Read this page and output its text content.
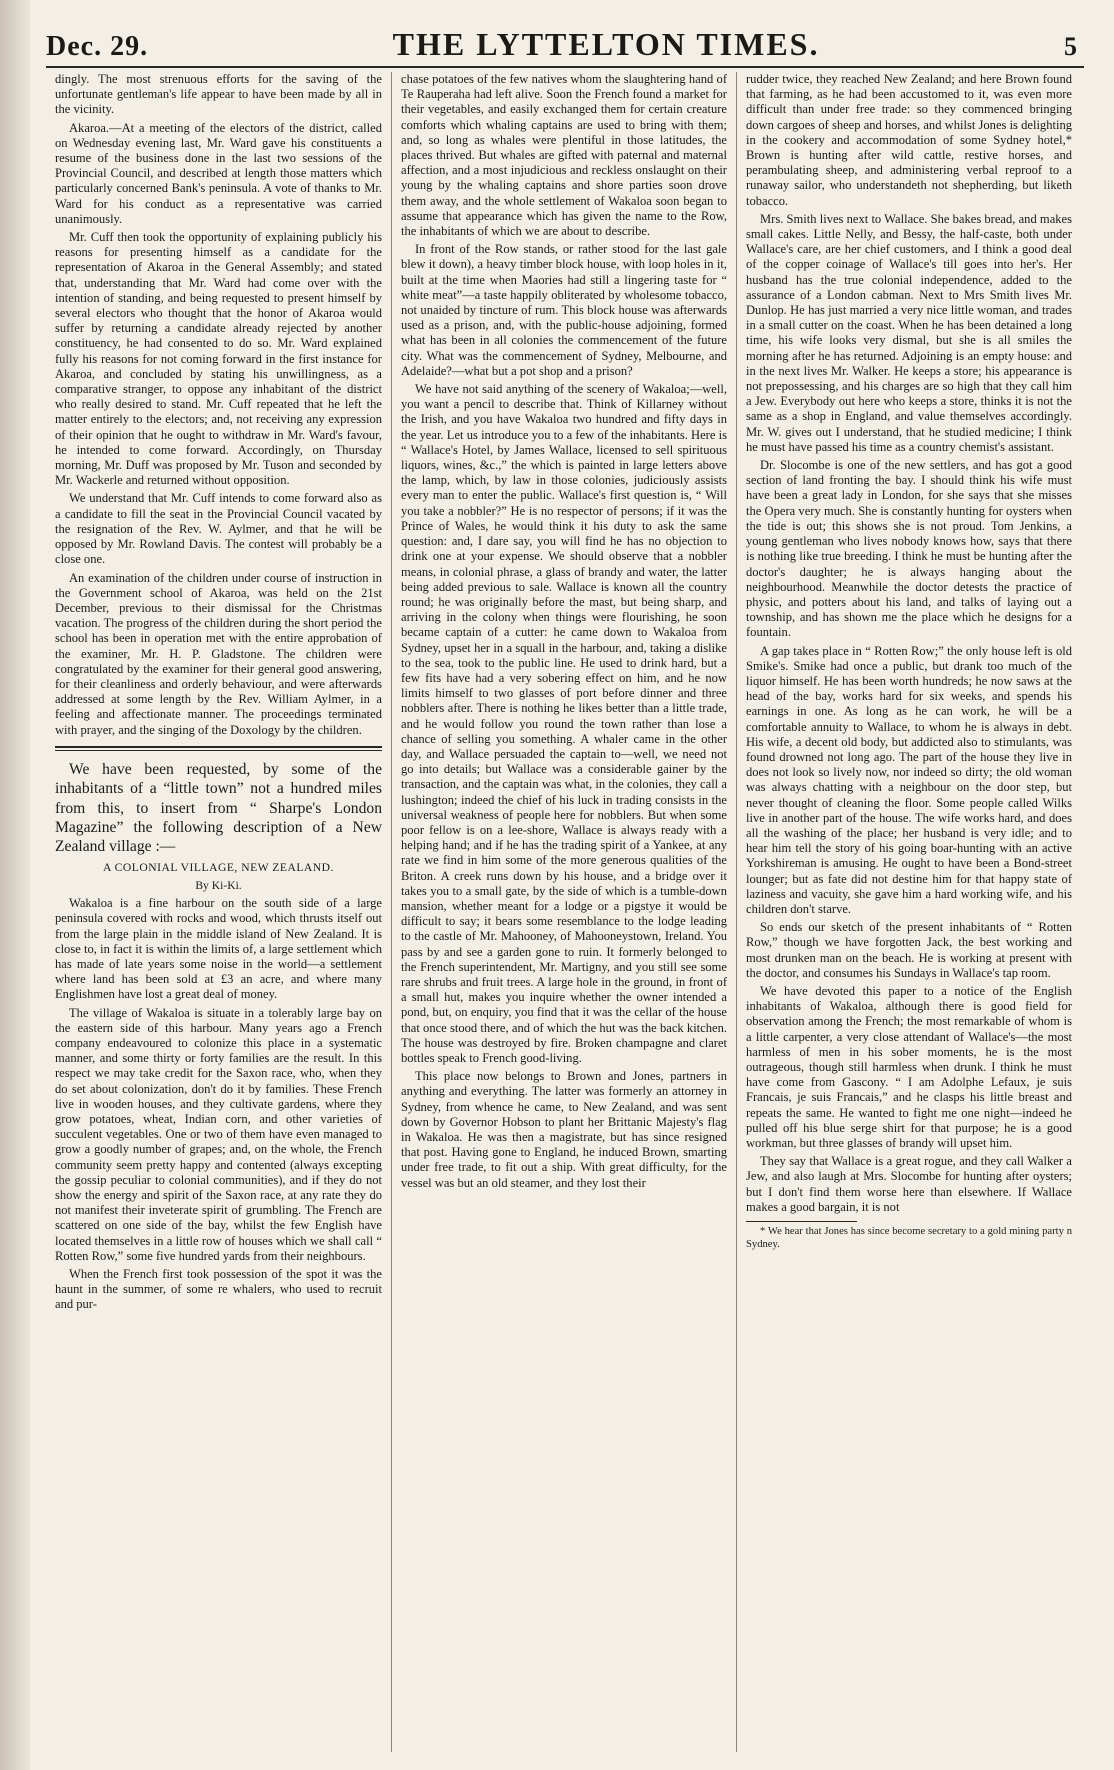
Dec. 29.	THE LYTTELTON TIMES.	5

dingly. The most strenuous efforts for the saving of the unfortunate gentleman's life appear to have been made by all in the vicinity.

Akaroa.—At a meeting of the electors of the district, called on Wednesday evening last, Mr. Ward gave his constituents a resume of the business done in the last two sessions of the Provincial Council, and described at length those matters which particularly concerned Bank's peninsula. A vote of thanks to Mr. Ward for his conduct as a representative was carried unanimously.

Mr. Cuff then took the opportunity of explaining publicly his reasons for presenting himself as a candidate for the representation of Akaroa in the General Assembly; and stated that, understanding that Mr. Ward had come over with the intention of standing, and being requested to present himself by several electors who thought that the honor of Akaroa would suffer by returning a candidate already rejected by another constituency, he had consented to do so. Mr. Ward explained fully his reasons for not coming forward in the first instance for Akaroa, and concluded by stating his unwillingness, as a comparative stranger, to oppose any inhabitant of the district who really desired to stand. Mr. Cuff repeated that he left the matter entirely to the electors; and, not receiving any expression of their opinion that he ought to withdraw in Mr. Ward's favour, he intended to come forward. Accordingly, on Thursday morning, Mr. Duff was proposed by Mr. Tuson and seconded by Mr. Wackerle and returned without opposition.

We understand that Mr. Cuff intends to come forward also as a candidate to fill the seat in the Provincial Council vacated by the resignation of the Rev. W. Aylmer, and that he will be opposed by Mr. Rowland Davis. The contest will probably be a close one.

An examination of the children under course of instruction in the Government school of Akaroa, was held on the 21st December, previous to their dismissal for the Christmas vacation. The progress of the children during the short period the school has been in operation met with the entire approbation of the examiner, Mr. H. P. Gladstone. The children were congratulated by the examiner for their general good answering, for their cleanliness and orderly behaviour, and were afterwards addressed at some length by the Rev. William Aylmer, in a feeling and affectionate manner. The proceedings terminated with prayer, and the singing of the Doxology by the children.

We have been requested, by some of the inhabitants of a “little town” not a hundred miles from this, to insert from “ Sharpe's London Magazine” the following description of a New Zealand village :—

A COLONIAL VILLAGE, NEW ZEALAND.

By Ki-Ki.

Wakaloa is a fine harbour on the south side of a large peninsula covered with rocks and wood, which thrusts itself out from the large plain in the middle island of New Zealand. It is close to, in fact it is within the limits of, a large settlement which has made of late years some noise in the world—a settlement where land has been sold at £3 an acre, and where many Englishmen have lost a great deal of money.

The village of Wakaloa is situate in a tolerably large bay on the eastern side of this harbour. Many years ago a French company endeavoured to colonize this place in a systematic manner, and some thirty or forty families are the result. In this respect we may take credit for the Saxon race, who, when they do set about colonization, don't do it by families. These French live in wooden houses, and they cultivate gardens, where they grow potatoes, wheat, Indian corn, and other varieties of succulent vegetables. One or two of them have even managed to grow a goodly number of grapes; and, on the whole, the French community seem pretty happy and contented (always excepting the gossip peculiar to colonial communities), and if they do not show the energy and spirit of the Saxon race, at any rate they do not manifest their inveterate spirit of grumbling. The French are scattered on one side of the bay, whilst the few English have located themselves in a little row of houses which we shall call “ Rotten Row,” some five hundred yards from their neighbours.

When the French first took possession of the spot it was the haunt in the summer, of some re whalers, who used to recruit and pur-

chase potatoes of the few natives whom the slaughtering hand of Te Rauperaha had left alive. Soon the French found a market for their vegetables, and easily exchanged them for certain creature comforts which whaling captains are used to bring with them; and, so long as whales were plentiful in those latitudes, the places thrived. But whales are gifted with paternal and maternal affection, and a most injudicious and reckless onslaught on their young by the whaling captains and shore parties soon drove them away, and the whole settlement of Wakaloa soon began to assume that appearance which has given the name to the Row, the inhabitants of which we are about to describe.

In front of the Row stands, or rather stood for the last gale blew it down), a heavy timber block house, with loop holes in it, built at the time when Maories had still a lingering taste for “ white meat”—a taste happily obliterated by wholesome tobacco, not unaided by tincture of rum. This block house was afterwards used as a prison, and, with the public-house adjoining, formed what has been in all colonies the commencement of the future city. What was the commencement of Sydney, Melbourne, and Adelaide?—what but a pot shop and a prison?

We have not said anything of the scenery of Wakaloa;—well, you want a pencil to describe that. Think of Killarney without the Irish, and you have Wakaloa two hundred and fifty days in the year. Let us introduce you to a few of the inhabitants. Here is “ Wallace's Hotel, by James Wallace, licensed to sell spirituous liquors, wines, &c.,” the which is painted in large letters above the lamp, which, by law in those colonies, judiciously assists every man to enter the public. Wallace's first question is, “ Will you take a nobbler?” He is no respector of persons; if it was the Prince of Wales, he would think it his duty to ask the same question: and, I dare say, you will find he has no objection to drink one at your expense. We should observe that a nobbler means, in colonial phrase, a glass of brandy and water, the latter being added previous to sale. Wallace is known all the country round; he was originally before the mast, but being sharp, and arriving in the colony when things were flourishing, he soon became captain of a cutter: he came down to Wakaloa from Sydney, upset her in a squall in the harbour, and, taking a dislike to the sea, took to the public line. He used to drink hard, but a few fits have had a very sobering effect on him, and he now limits himself to two glasses of port before dinner and three nobblers after. There is nothing he likes better than a little trade, and he would follow you round the town rather than lose a chance of selling you something. A whaler came in the other day, and Wallace persuaded the captain to—well, we need not go into details; but Wallace was a considerable gainer by the transaction, and the captain was what, in the colonies, they call a lushington; indeed the chief of his luck in trading consists in the universal weakness of people here for nobblers. But when some poor fellow is on a lee-shore, Wallace is always ready with a helping hand; and if he has the trading spirit of a Yankee, at any rate we find in him some of the more generous qualities of the Briton. A creek runs down by his house, and a bridge over it takes you to a small gate, by the side of which is a tumble-down mansion, whether meant for a lodge or a pigstye it would be difficult to say; it bears some resemblance to the lodge leading to the castle of Mr. Mahooney, of Mahooneystown, Ireland. You pass by and see a garden gone to ruin. It formerly belonged to the French superintendent, Mr. Martigny, and you still see some rare shrubs and fruit trees. A large hole in the ground, in front of a small hut, makes you inquire whether the owner intended a pond, but, on enquiry, you find that it was the cellar of the house that once stood there, and of which the hut was the back kitchen. The house was destroyed by fire. Broken champagne and claret bottles speak to French good-living.

This place now belongs to Brown and Jones, partners in anything and everything. The latter was formerly an attorney in Sydney, from whence he came, to New Zealand, and was sent down by Governor Hobson to plant her Brittanic Majesty's flag in Wakaloa. He was then a magistrate, but has since resigned that post. Having gone to England, he induced Brown, smarting under free trade, to fit out a ship. With great difficulty, for the vessel was but an old steamer, and they lost their

rudder twice, they reached New Zealand; and here Brown found that farming, as he had been accustomed to it, was even more difficult than under free trade: so they commenced bringing down cargoes of sheep and horses, and whilst Jones is delighting in the cookery and accommodation of some Sydney hotel,* Brown is hunting after wild cattle, restive horses, and perambulating sheep, and administering verbal reproof to a runaway sailor, who understandeth not shepherding, but liketh tobacco.

Mrs. Smith lives next to Wallace. She bakes bread, and makes small cakes. Little Nelly, and Bessy, the half-caste, both under Wallace's care, are her chief customers, and I think a good deal of the copper coinage of Wallace's till goes into her's. Her husband has the true colonial independence, added to the assurance of a London cabman. Next to Mrs Smith lives Mr. Dunlop. He has just married a very nice little woman, and trades in a small cutter on the coast. When he has been detained a long time, his wife looks very dismal, but she is all smiles the morning after he has returned. Adjoining is an empty house: and in the next lives Mr. Walker. He keeps a store; his appearance is not prepossessing, and his charges are so high that they call him a Jew. Everybody out here who keeps a store, thinks it is not the same as a shop in England, and value themselves accordingly. Mr. W. gives out I understand, that he studied medicine; I think he must have passed his time as a country chemist's assistant.

Dr. Slocombe is one of the new settlers, and has got a good section of land fronting the bay. I should think his wife must have been a great lady in London, for she says that she misses the Opera very much. She is constantly hunting for oysters when the tide is out; this shows she is not proud. Tom Jenkins, a young gentleman who lives nobody knows how, says that there is nothing like true breeding. I think he must be hunting after the doctor's daughter; he is always hanging about the neighbourhood. Meanwhile the doctor detests the practice of physic, and potters about his land, and talks of laying out a township, and has shown me the place which he designs for a fountain.

A gap takes place in “ Rotten Row;” the only house left is old Smike's. Smike had once a public, but drank too much of the liquor himself. He has been worth hundreds; he now saws at the head of the bay, works hard for six weeks, and spends his earnings in one. As long as he can work, he will be a comfortable annuity to Wallace, to whom he is always in debt. His wife, a decent old body, but addicted also to stimulants, was found drowned not long ago. The part of the house they live in does not look so lively now, nor indeed so dirty; the old woman was always chatting with a neighbour on the door step, but never thought of cleaning the floor. Some people called Wilks live in another part of the house. The wife works hard, and does all the washing of the place; her husband is very idle; and to hear him tell the story of his going boar-hunting with an active Yorkshireman is amusing. He ought to have been a Bond-street lounger; but as fate did not destine him for that happy state of laziness and vacuity, she gave him a hard working wife, and his children don't starve.

So ends our sketch of the present inhabitants of “ Rotten Row,” though we have forgotten Jack, the best working and most drunken man on the beach. He is working at present with the doctor, and consumes his Sundays in Wallace's tap room.

We have devoted this paper to a notice of the English inhabitants of Wakaloa, although there is good field for observation among the French; the most remarkable of whom is a little carpenter, a very close attendant of Wallace's—the most harmless of men in his sober moments, he is the most outrageous, though still harmless when drunk. I think he must have come from Gascony. “ I am Adolphe Lefaux, je suis Francais, je suis Francais,” and he clasps his little breast and repeats the same. He wanted to fight me one night—indeed he pulled off his blue serge shirt for that purpose; he is a good workman, but three glasses of brandy will upset him.

They say that Wallace is a great rogue, and they call Walker a Jew, and also laugh at Mrs. Slocombe for hunting after oysters; but I don't find them worse here than elsewhere. If Wallace makes a good bargain, it is not

* We hear that Jones has since become secretary to a gold mining party n Sydney.
